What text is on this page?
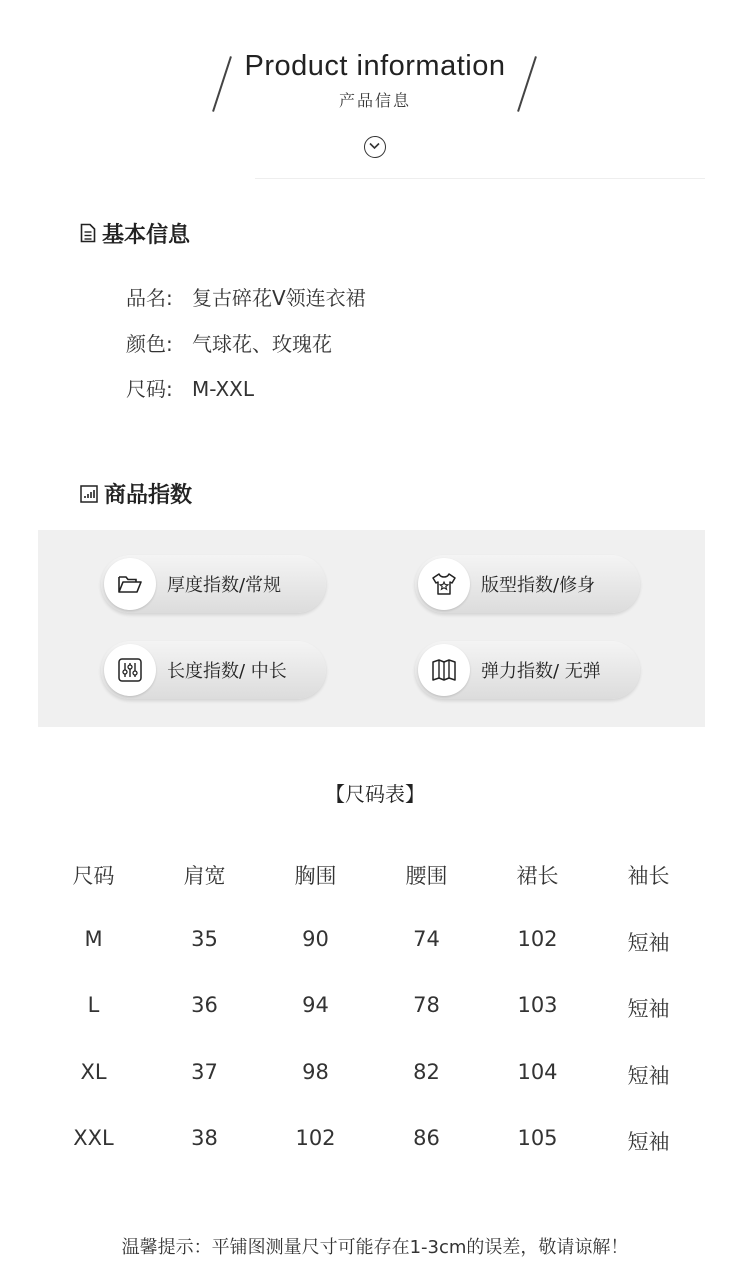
Product information
产品信息
基本信息
品名: 复古碎花V领连衣裙
颜色: 气球花、玫瑰花
尺码: M-XXL
商品指数
厚度指数/常规	版型指数/修身
长度指数/ 中长	弹力指数/ 无弹
【尺码表】
尺码	肩宽	胸围	腰围	裙长	袖长
M	35	90	74	102	短袖
L	36	94	78	103	短袖
XL	37	98	82	104	短袖
XXL	38	102	86	105	短袖
温馨提示：平铺图测量尺寸可能存在1-3cm的误差，敬请谅解！
